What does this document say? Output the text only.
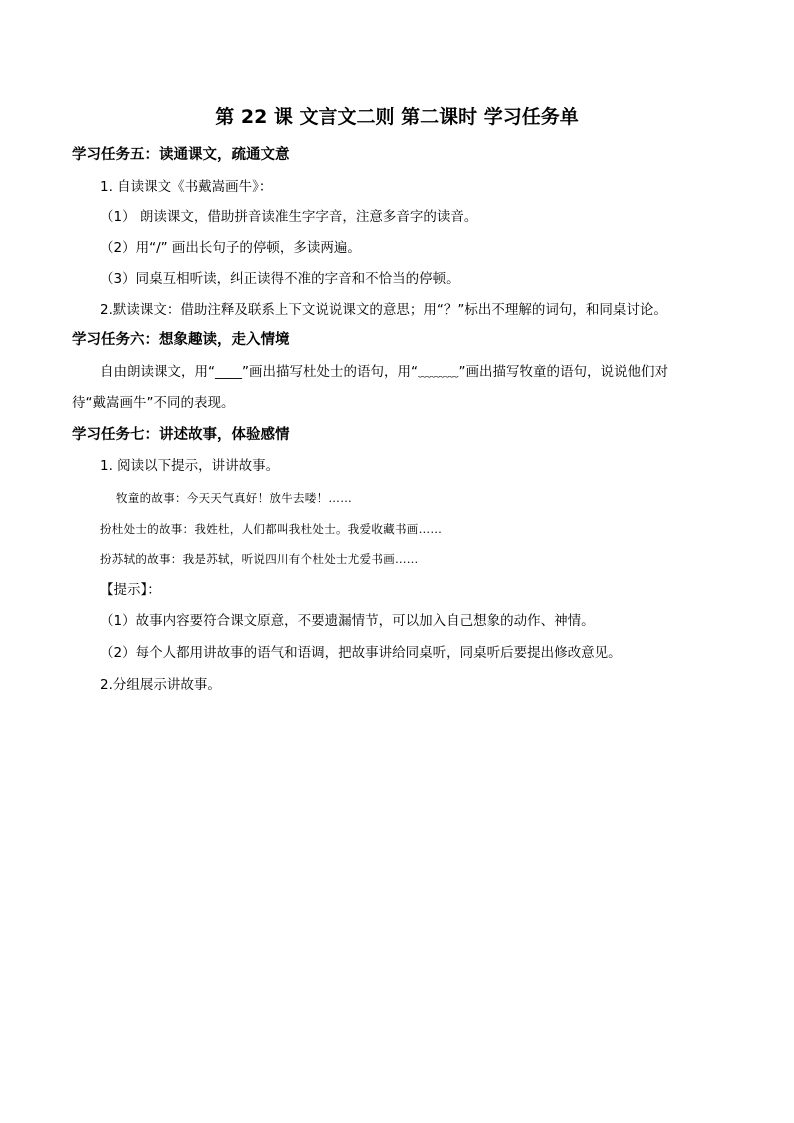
第 22 课 文言文二则 第二课时 学习任务单
学习任务五：读通课文，疏通文意
1. 自读课文《书戴嵩画牛》：
（1） 朗读课文，借助拼音读准生字字音，注意多音字的读音。
（2）用“/” 画出长句子的停顿，多读两遍。
（3）同桌互相听读，纠正读得不准的字音和不恰当的停顿。
2.默读课文：借助注释及联系上下文说说课文的意思；用“？”标出不理解的词句，和同桌讨论。
学习任务六：想象趣读，走入情境
自由朗读课文，用“____”画出描写杜处士的语句，用“﹏﹏﹏”画出描写牧童的语句，说说他们对
待“戴嵩画牛”不同的表现。
学习任务七：讲述故事，体验感情
1. 阅读以下提示，讲讲故事。
牧童的故事：今天天气真好！放牛去喽！……
扮杜处士的故事：我姓杜，人们都叫我杜处士。我爱收藏书画……
扮苏轼的故事：我是苏轼，听说四川有个杜处士尤爱书画……
【提示】：
（1）故事内容要符合课文原意，不要遗漏情节，可以加入自己想象的动作、神情。
（2）每个人都用讲故事的语气和语调，把故事讲给同桌听，同桌听后要提出修改意见。
2.分组展示讲故事。
